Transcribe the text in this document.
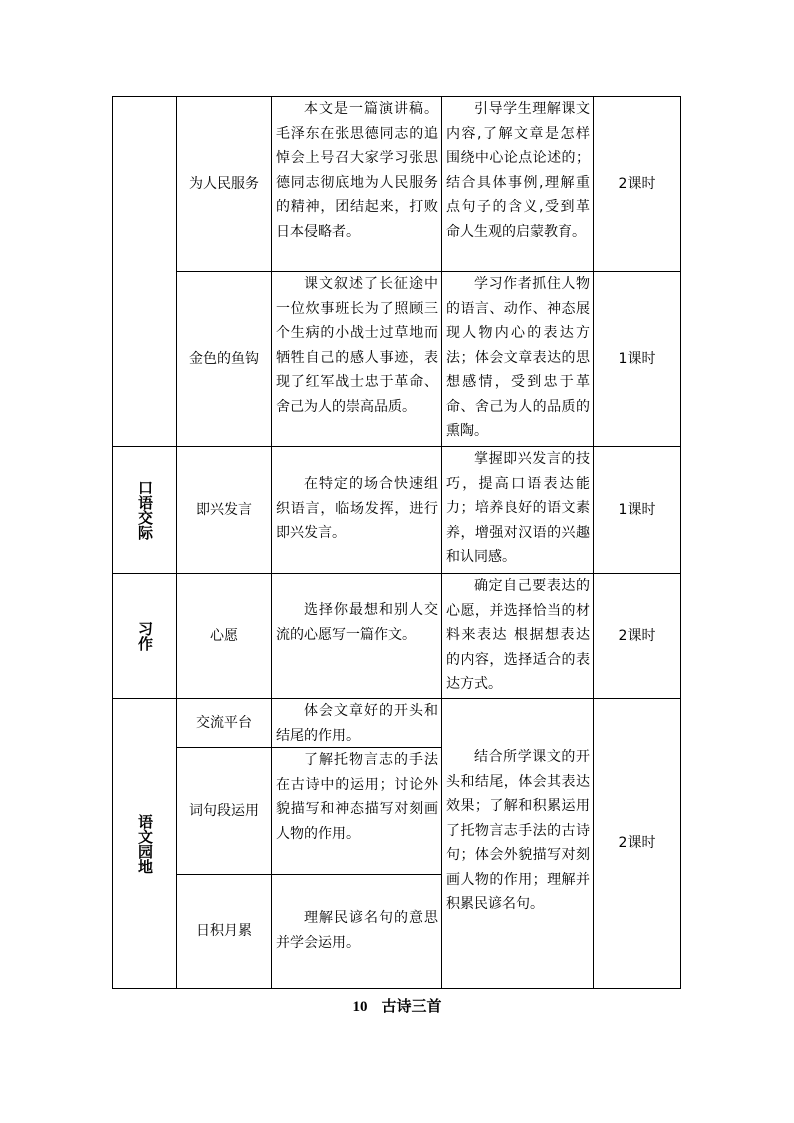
为人民服务
本文是一篇演讲稿。毛泽东在张思德同志的追悼会上号召大家学习张思德同志彻底地为人民服务的精神，团结起来，打败日本侵略者。
引导学生理解课文内容,了解文章是怎样围绕中心论点论述的；结合具体事例,理解重点句子的含义,受到革命人生观的启蒙教育。
2课时
金色的鱼钩
课文叙述了长征途中一位炊事班长为了照顾三个生病的小战士过草地而牺牲自己的感人事迹，表现了红军战士忠于革命、舍己为人的崇高品质。
学习作者抓住人物的语言、动作、神态展现人物内心的表达方法；体会文章表达的思想感情，受到忠于革命、舍己为人的品质的熏陶。
1课时
口语交际	即兴发言
在特定的场合快速组织语言，临场发挥，进行即兴发言。
掌握即兴发言的技巧，提高口语表达能力；培养良好的语文素养，增强对汉语的兴趣和认同感。
1课时
习作	心愿
选择你最想和别人交流的心愿写一篇作文。
确定自己要表达的心愿，并选择恰当的材料来表达 根据想表达的内容，选择适合的表达方式。
2课时
语文园地
交流平台
体会文章好的开头和结尾的作用。
词句段运用
了解托物言志的手法在古诗中的运用；讨论外貌描写和神态描写对刻画人物的作用。
日积月累
理解民谚名句的意思并学会运用。
结合所学课文的开头和结尾，体会其表达效果；了解和积累运用了托物言志手法的古诗句；体会外貌描写对刻画人物的作用；理解并积累民谚名句。
2课时
10 古诗三首
